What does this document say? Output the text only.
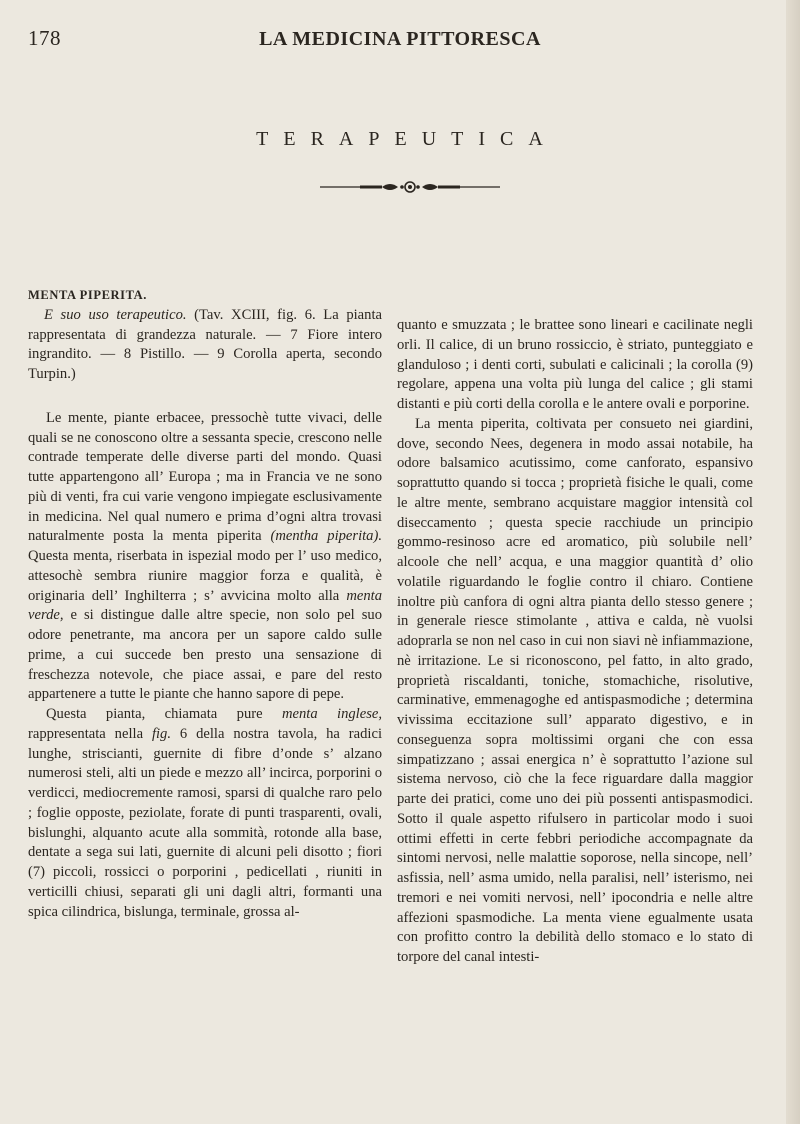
178	LA MEDICINA PITTORESCA
TERAPEUTICA

MENTA PIPERITA.

E suo uso terapeutico. (Tav. XCIII, fig. 6. La pianta rappresentata di grandezza naturale. — 7 Fiore intero ingrandito. — 8 Pistillo. — 9 Corolla aperta, secondo Turpin.)

Le mente, piante erbacee, pressochè tutte vivaci, delle quali se ne conoscono oltre a sessanta specie, crescono nelle contrade temperate delle diverse parti del mondo. Quasi tutte appartengono all’ Europa ; ma in Francia ve ne sono più di venti, fra cui varie vengono impiegate esclusivamente in medicina. Nel qual numero e prima d’ogni altra trovasi naturalmente posta la menta piperita (mentha piperita). Questa menta, riserbata in ispezial modo per l’ uso medico, attesochè sembra riunire maggior forza e qualità, è originaria dell’ Inghilterra ; s’ avvicina molto alla menta verde, e si distingue dalle altre specie, non solo pel suo odore penetrante, ma ancora per un sapore caldo sulle prime, a cui succede ben presto una sensazione di freschezza notevole, che piace assai, e pare del resto appartenere a tutte le piante che hanno sapore di pepe.

Questa pianta, chiamata pure menta inglese, rappresentata nella fig. 6 della nostra tavola, ha radici lunghe, striscianti, guernite di fibre d’onde s’ alzano numerosi steli, alti un piede e mezzo all’ incirca, porporini o verdicci, mediocremente ramosi, sparsi di qualche raro pelo ; foglie opposte, peziolate, forate di punti trasparenti, ovali, bislunghi, alquanto acute alla sommità, rotonde alla base, dentate a sega sui lati, guernite di alcuni peli disotto ; fiori (7) piccoli, rossicci o porporini , pedicellati , riuniti in verticilli chiusi, separati gli uni dagli altri, formanti una spica cilindrica, bislunga, terminale, grossa al-

quanto e smuzzata ; le brattee sono lineari e cacilinate negli orli. Il calice, di un bruno rossiccio, è striato, punteggiato e glanduloso ; i denti corti, subulati e calicinali ; la corolla (9) regolare, appena una volta più lunga del calice ; gli stami distanti e più corti della corolla e le antere ovali e porporine.

La menta piperita, coltivata per consueto nei giardini, dove, secondo Nees, degenera in modo assai notabile, ha odore balsamico acutissimo, come canforato, espansivo soprattutto quando si tocca ; proprietà fisiche le quali, come le altre mente, sembrano acquistare maggior intensità col diseccamento ; questa specie racchiude un principio gommo-resinoso acre ed aromatico, più solubile nell’ alcoole che nell’ acqua, e una maggior quantità d’ olio volatile riguardando le foglie contro il chiaro. Contiene inoltre più canfora di ogni altra pianta dello stesso genere ; in generale riesce stimolante , attiva e calda, nè vuolsi adoprarla se non nel caso in cui non siavi nè infiammazione, nè irritazione. Le si riconoscono, pel fatto, in alto grado, proprietà riscaldanti, toniche, stomachiche, risolutive, carminative, emmenagoghe ed antispasmodiche ; determina vivissima eccitazione sull’ apparato digestivo, e in conseguenza sopra moltissimi organi che con essa simpatizzano ; assai energica n’ è soprattutto l’azione sul sistema nervoso, ciò che la fece riguardare dalla maggior parte dei pratici, come uno dei più possenti antispasmodici. Sotto il quale aspetto rifulsero in particolar modo i suoi ottimi effetti in certe febbri periodiche accompagnate da sintomi nervosi, nelle malattie soporose, nella sincope, nell’ asfissia, nell’ asma umido, nella paralisi, nell’ isterismo, nei tremori e nei vomiti nervosi, nell’ ipocondria e nelle altre affezioni spasmodiche. La menta viene egualmente usata con profitto contro la debilità dello stomaco e lo stato di torpore del canal intesti-
